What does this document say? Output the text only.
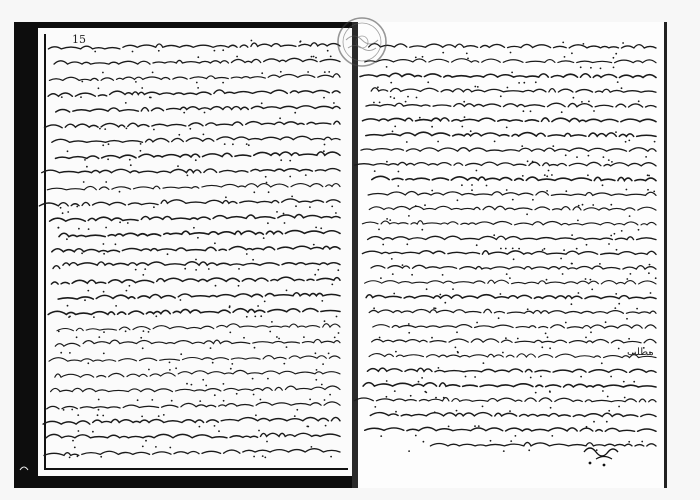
15
مطلب
